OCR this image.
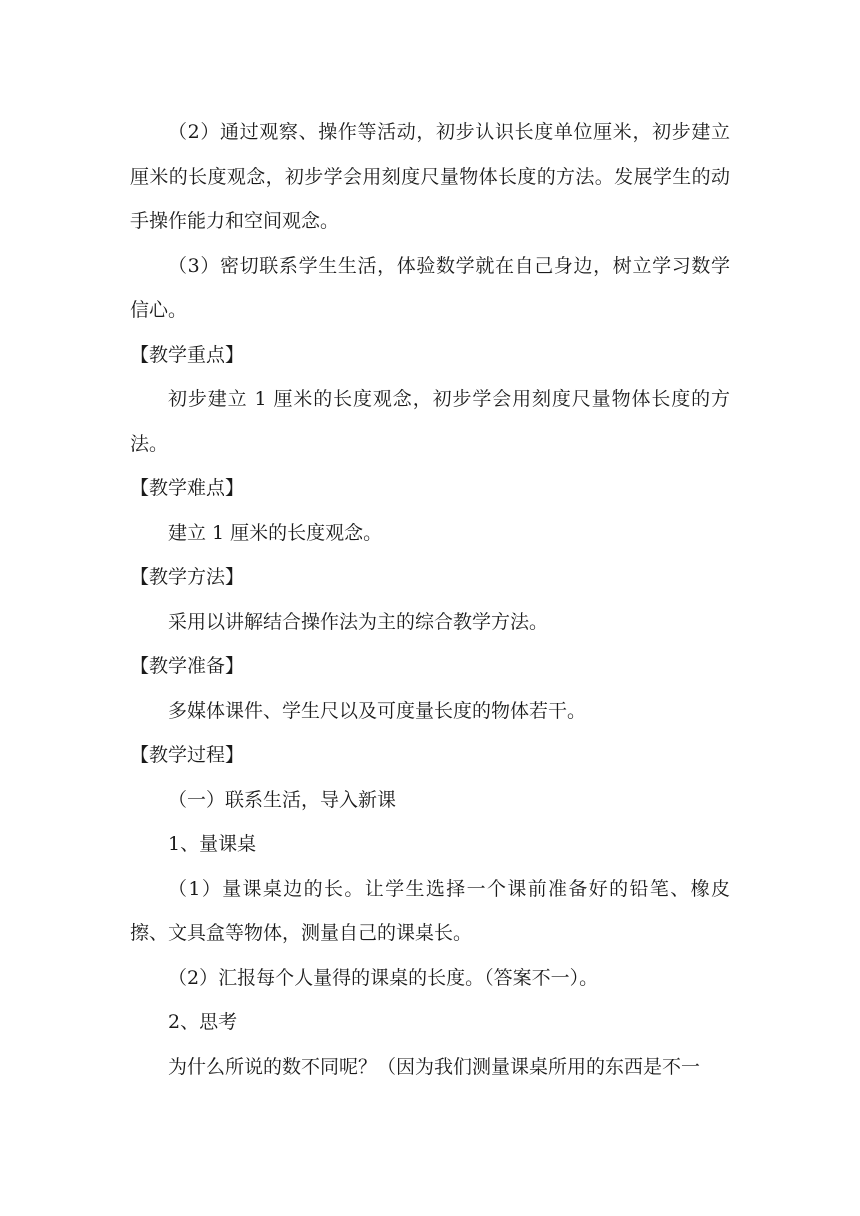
（2）通过观察、操作等活动，初步认识长度单位厘米，初步建立厘米的长度观念，初步学会用刻度尺量物体长度的方法。发展学生的动手操作能力和空间观念。

（3）密切联系学生生活，体验数学就在自己身边，树立学习数学信心。

【教学重点】

初步建立 1 厘米的长度观念，初步学会用刻度尺量物体长度的方法。

【教学难点】

建立 1 厘米的长度观念。

【教学方法】

采用以讲解结合操作法为主的综合教学方法。

【教学准备】

多媒体课件、学生尺以及可度量长度的物体若干。

【教学过程】

（一）联系生活，导入新课

1、量课桌

（1）量课桌边的长。让学生选择一个课前准备好的铅笔、橡皮擦、文具盒等物体，测量自己的课桌长。

（2）汇报每个人量得的课桌的长度。（答案不一）。

2、思考

为什么所说的数不同呢？（因为我们测量课桌所用的东西是不一
